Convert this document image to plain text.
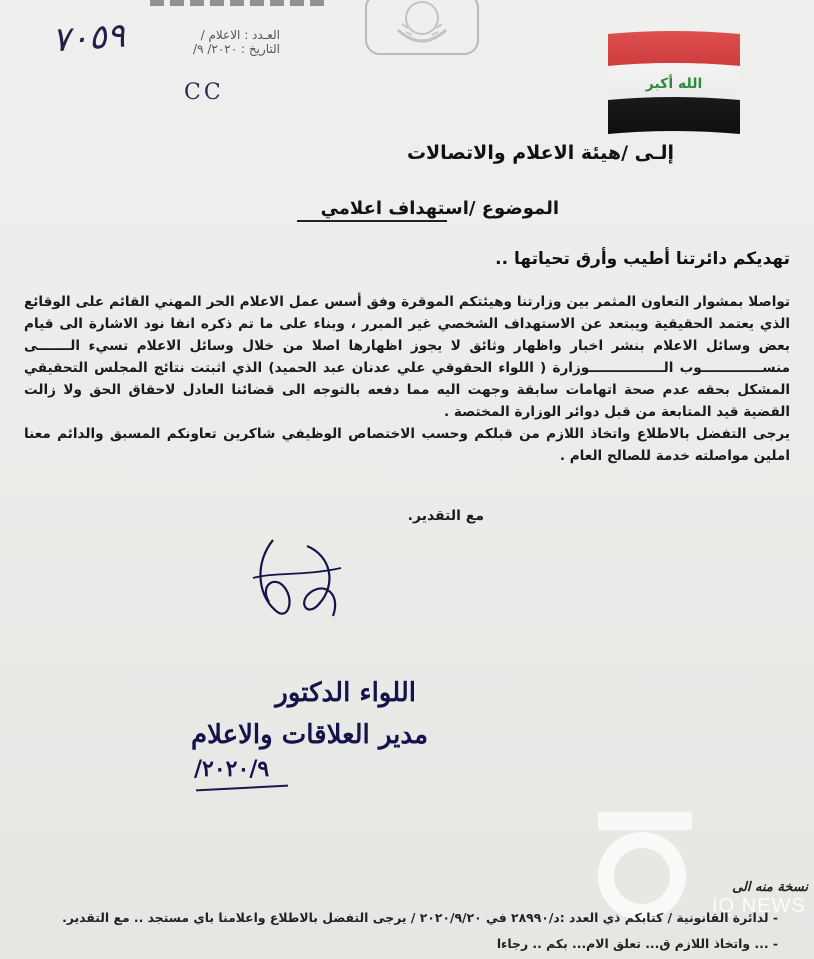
العـدد : الاعلام /
التاريخ : ٢٠٢٠/ ٩/
٧٠٥٩
CC	الله أكبر
إلـى /هيئة الاعلام والاتصالات
الموضوع /استهداف اعلامي
تهديكم دائرتنا أطيب وأرق تحياتها ..

تواصلا بمشوار التعاون المثمر بين وزارتنا وهيئتكم الموقرة وفق أسس عمل الاعلام الحر المهني القائم على الوقائع الذي يعتمد الحقيقية ويبتعد عن الاستهداف الشخصي غير المبرر ، وبناء على ما تم ذكره انفا نود الاشارة الى قيام بعض وسائل الاعلام بنشر اخبار واظهار وثائق لا يجوز اظهارها اصلا من خلال وسائل الاعلام تسيء الـــــــى منســـــــــــــوب الــــــــــــــــوزارة ( اللواء الحقوقي علي عدنان عبد الحميد) الذي اثبتت نتائج المجلس التحقيقي المشكل بحقه عدم صحة اتهامات سابقة وجهت اليه مما دفعه بالتوجه الى قضائنا العادل لاحقاق الحق ولا زالت القضية قيد المتابعة من قبل دوائر الوزارة المختصة .

يرجى التفضل بالاطلاع واتخاذ اللازم من قبلكم وحسب الاختصاص الوظيفي شاكرين تعاونكم المسبق والدائم معنا املين مواصلته خدمة للصالح العام .

مع التقدير.
اللواء الدكتور
مدير العلاقات والاعلام
٢٠٢٠/٩/
IQ NEWS
نسخة منه الى
- لدائرة القانونية / كتابكم ذي العدد :د/٢٨٩٩٠ في ٢٠٢٠/٩/٢٠ / يرجى التفضل بالاطلاع واعلامنا باي مستجد .. مع التقدير.
- ... واتخاذ اللازم ق... تعلق الام... بكم .. رجاءا
